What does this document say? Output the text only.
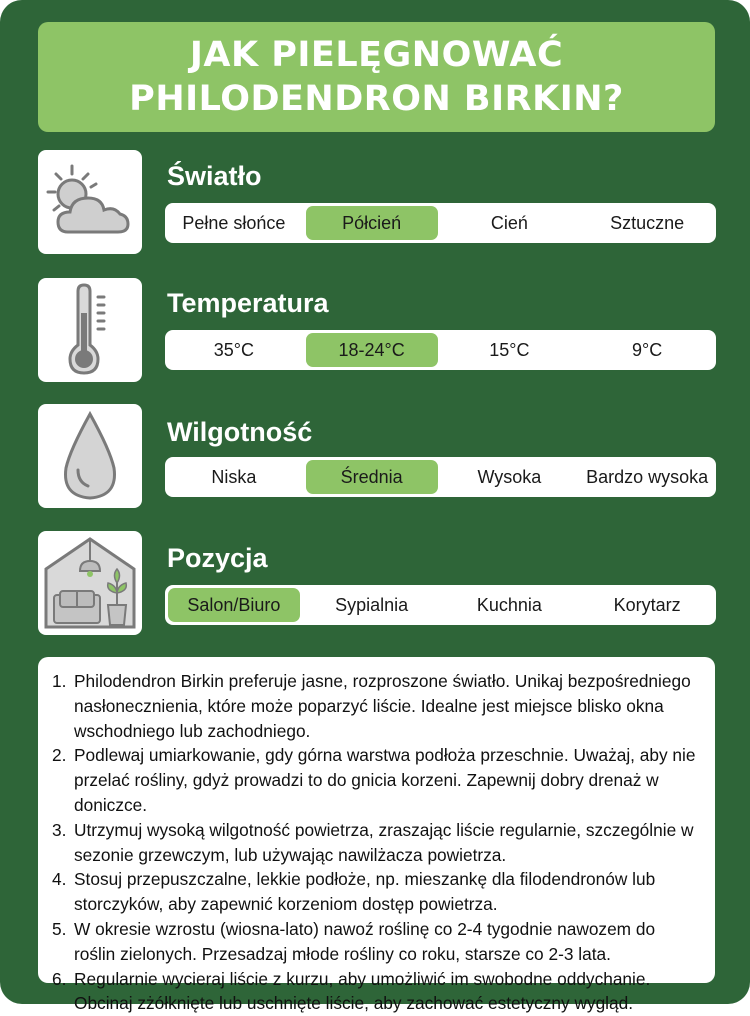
JAK PIELĘGNOWAĆ
PHILODENDRON BIRKIN?
Światło
Pełne słońce	Półcień	Cień	Sztuczne
Temperatura
35°C	18-24°C	15°C	9°C
Wilgotność
Niska	Średnia	Wysoka	Bardzo wysoka
Pozycja
Salon/Biuro	Sypialnia	Kuchnia	Korytarz
1. Philodendron Birkin preferuje jasne, rozproszone światło. Unikaj bezpośredniego nasłonecznienia, które może poparzyć liście. Idealne jest miejsce blisko okna wschodniego lub zachodniego.
2. Podlewaj umiarkowanie, gdy górna warstwa podłoża przeschnie. Uważaj, aby nie przelać rośliny, gdyż prowadzi to do gnicia korzeni. Zapewnij dobry drenaż w doniczce.
3. Utrzymuj wysoką wilgotność powietrza, zraszając liście regularnie, szczególnie w sezonie grzewczym, lub używając nawilżacza powietrza.
4. Stosuj przepuszczalne, lekkie podłoże, np. mieszankę dla filodendronów lub storczyków, aby zapewnić korzeniom dostęp powietrza.
5. W okresie wzrostu (wiosna-lato) nawoź roślinę co 2-4 tygodnie nawozem do roślin zielonych. Przesadzaj młode rośliny co roku, starsze co 2-3 lata.
6. Regularnie wycieraj liście z kurzu, aby umożliwić im swobodne oddychanie. Obcinaj zżółknięte lub uschnięte liście, aby zachować estetyczny wygląd.
